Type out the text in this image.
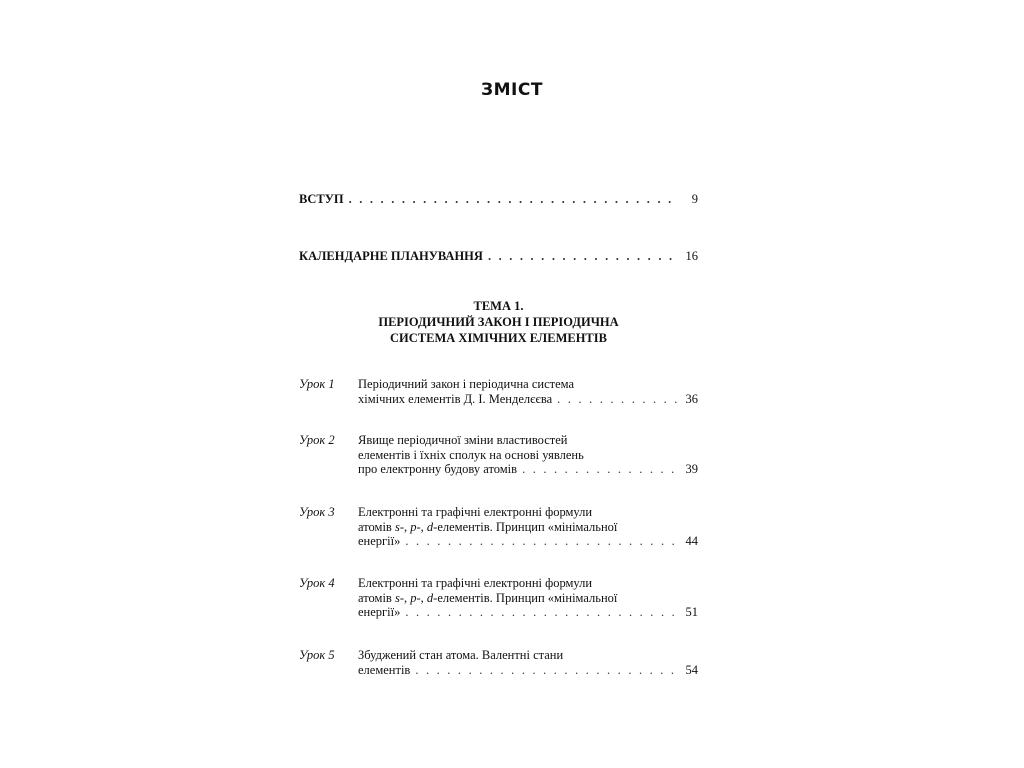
ЗМІСТ
ВСТУП . . .	9
КАЛЕНДАРНЕ ПЛАНУВАННЯ . . .	16
ТЕМА 1.
ПЕРІОДИЧНИЙ ЗАКОН І ПЕРІОДИЧНА
СИСТЕМА ХІМІЧНИХ ЕЛЕМЕНТІВ
Урок 1 Періодичний закон і періодична система
хімічних елементів Д. І. Менделєєва . . .	36
Урок 2 Явище періодичної зміни властивостей
елементів і їхніх сполук на основі уявлень
про електронну будову атомів . . .	39
Урок 3 Електронні та графічні електронні формули
атомів s-, p-, d-елементів. Принцип «мінімальної
енергії» . . .	44
Урок 4 Електронні та графічні електронні формули
атомів s-, p-, d-елементів. Принцип «мінімальної
енергії» . . .	51
Урок 5 Збуджений стан атома. Валентні стани
елементів . . .	54
